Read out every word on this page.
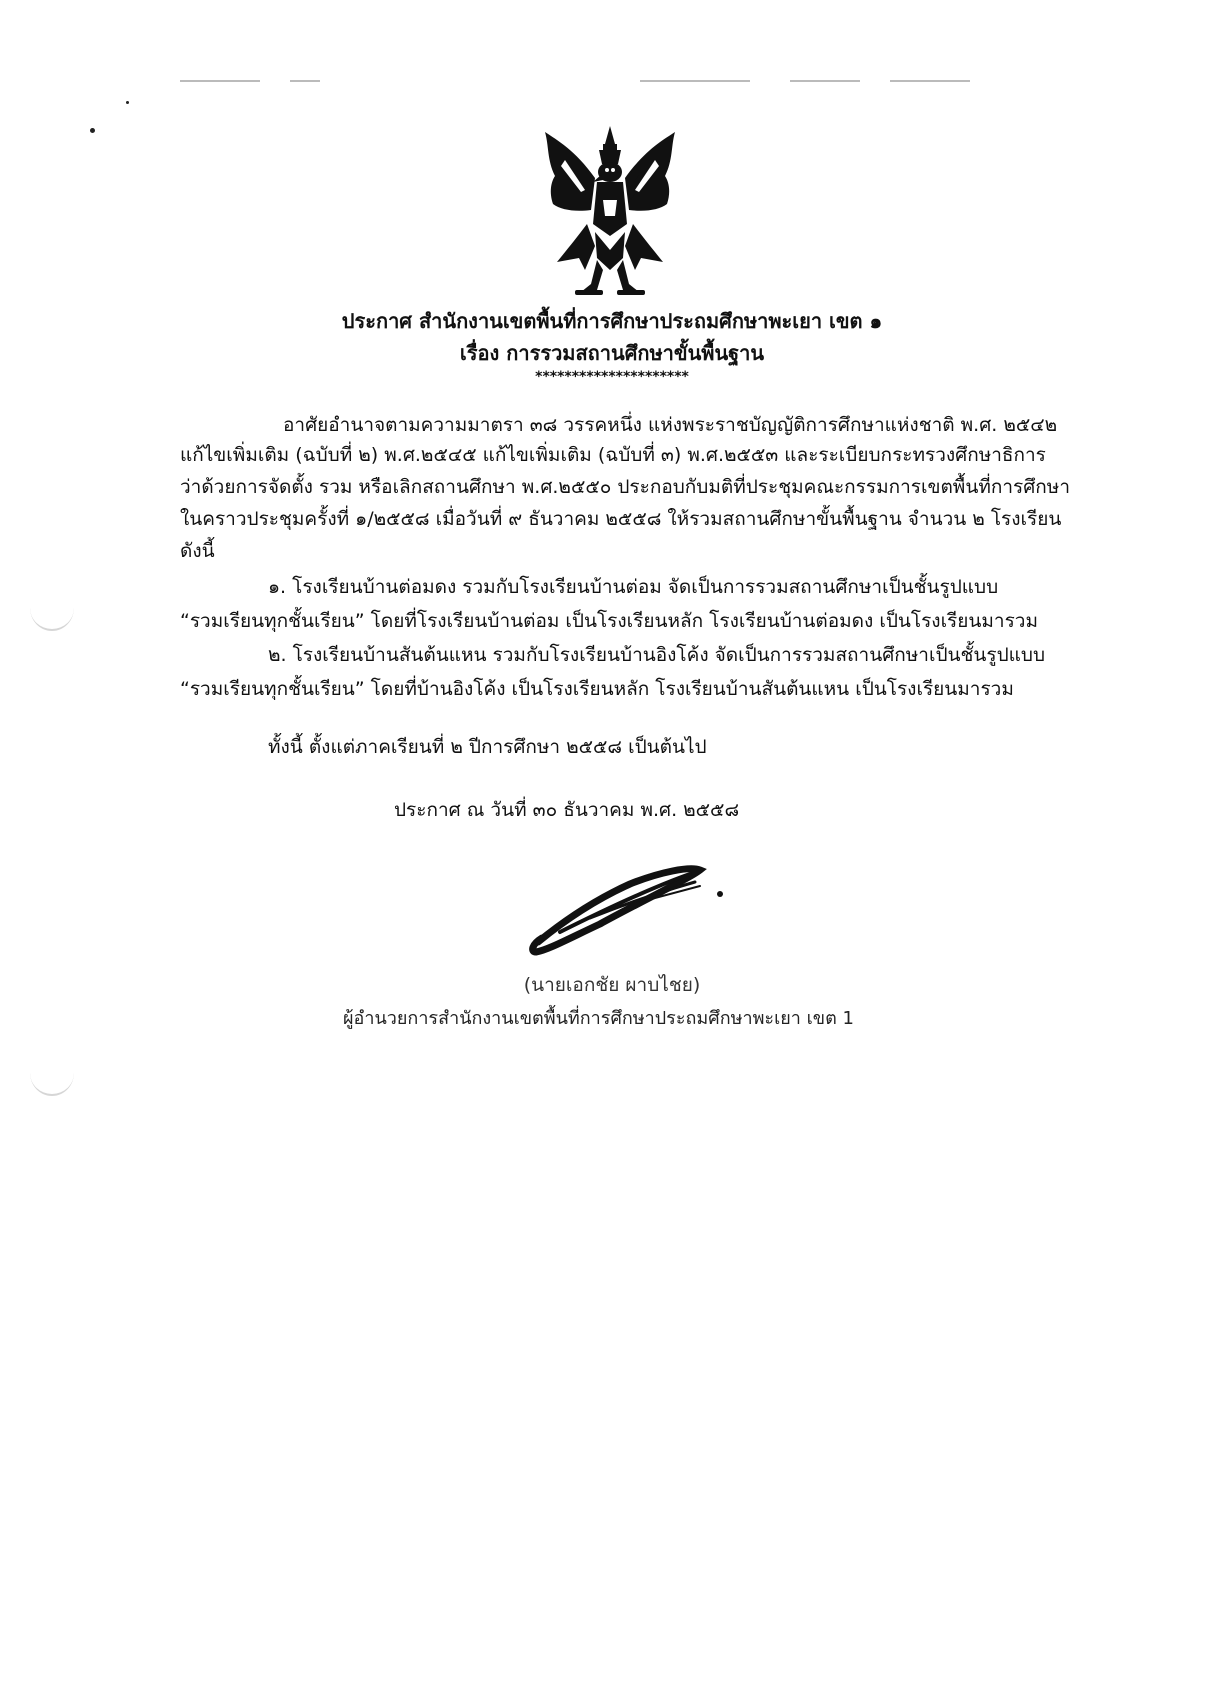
ประกาศ สำนักงานเขตพื้นที่การศึกษาประถมศึกษาพะเยา เขต ๑
เรื่อง การรวมสถานศึกษาขั้นพื้นฐาน
*********************
อาศัยอำนาจตามความมาตรา ๓๘ วรรคหนึ่ง แห่งพระราชบัญญัติการศึกษาแห่งชาติ พ.ศ. ๒๕๔๒
แก้ไขเพิ่มเติม (ฉบับที่ ๒) พ.ศ.๒๕๔๕ แก้ไขเพิ่มเติม (ฉบับที่ ๓) พ.ศ.๒๕๕๓ และระเบียบกระทรวงศึกษาธิการ
ว่าด้วยการจัดตั้ง รวม หรือเลิกสถานศึกษา พ.ศ.๒๕๕๐ ประกอบกับมติที่ประชุมคณะกรรมการเขตพื้นที่การศึกษา
ในคราวประชุมครั้งที่ ๑/๒๕๕๘ เมื่อวันที่ ๙ ธันวาคม ๒๕๕๘ ให้รวมสถานศึกษาขั้นพื้นฐาน จำนวน ๒ โรงเรียน
ดังนี้
๑. โรงเรียนบ้านต่อมดง รวมกับโรงเรียนบ้านต่อม จัดเป็นการรวมสถานศึกษาเป็นชั้นรูปแบบ
“รวมเรียนทุกชั้นเรียน” โดยที่โรงเรียนบ้านต่อม เป็นโรงเรียนหลัก โรงเรียนบ้านต่อมดง เป็นโรงเรียนมารวม
๒. โรงเรียนบ้านสันต้นแหน รวมกับโรงเรียนบ้านอิงโค้ง จัดเป็นการรวมสถานศึกษาเป็นชั้นรูปแบบ
“รวมเรียนทุกชั้นเรียน” โดยที่บ้านอิงโค้ง เป็นโรงเรียนหลัก โรงเรียนบ้านสันต้นแหน เป็นโรงเรียนมารวม
ทั้งนี้ ตั้งแต่ภาคเรียนที่ ๒ ปีการศึกษา ๒๕๕๘ เป็นต้นไป
ประกาศ ณ วันที่ ๓๐ ธันวาคม พ.ศ. ๒๕๕๘
(นายเอกชัย ผาบไชย)
ผู้อำนวยการสำนักงานเขตพื้นที่การศึกษาประถมศึกษาพะเยา เขต 1
